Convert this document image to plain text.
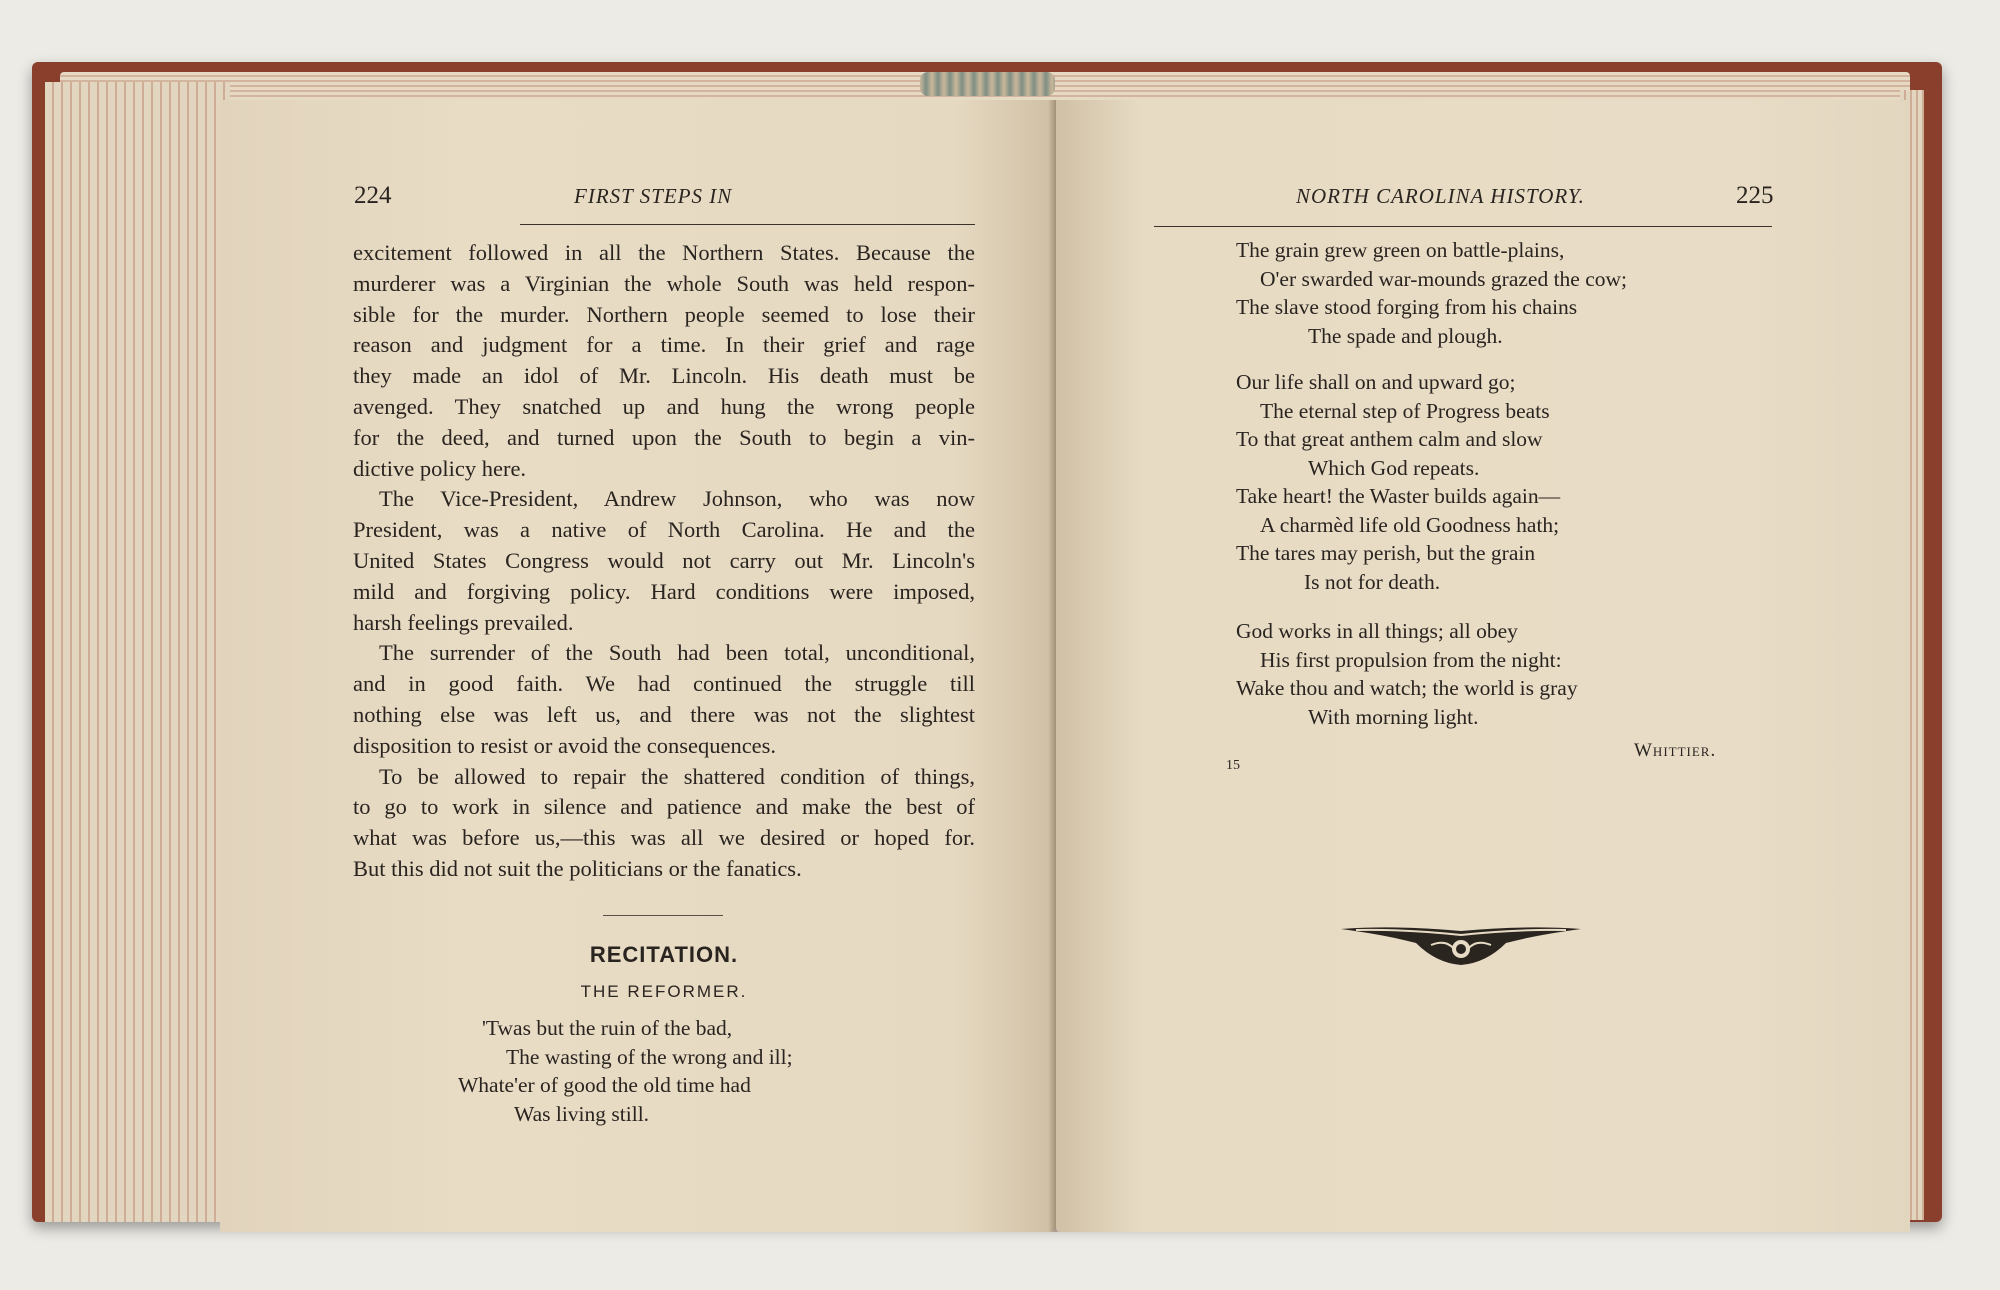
224	FIRST STEPS IN
excitement followed in all the Northern States. Because the
murderer was a Virginian the whole South was held respon-
sible for the murder. Northern people seemed to lose their
reason and judgment for a time. In their grief and rage
they made an idol of Mr. Lincoln. His death must be
avenged. They snatched up and hung the wrong people
for the deed, and turned upon the South to begin a vin-
dictive policy here.
The Vice-President, Andrew Johnson, who was now
President, was a native of North Carolina. He and the
United States Congress would not carry out Mr. Lincoln's
mild and forgiving policy. Hard conditions were imposed,
harsh feelings prevailed.
The surrender of the South had been total, unconditional,
and in good faith. We had continued the struggle till
nothing else was left us, and there was not the slightest
disposition to resist or avoid the consequences.
To be allowed to repair the shattered condition of things,
to go to work in silence and patience and make the best of
what was before us,—this was all we desired or hoped for.
But this did not suit the politicians or the fanatics.
RECITATION.
THE REFORMER.
'Twas but the ruin of the bad,
The wasting of the wrong and ill;
Whate'er of good the old time had
Was living still.
NORTH CAROLINA HISTORY.	225
The grain grew green on battle-plains,
O'er swarded war-mounds grazed the cow;
The slave stood forging from his chains
The spade and plough.
Our life shall on and upward go;
The eternal step of Progress beats
To that great anthem calm and slow
Which God repeats.
Take heart! the Waster builds again—
A charmèd life old Goodness hath;
The tares may perish, but the grain
Is not for death.
God works in all things; all obey
His first propulsion from the night:
Wake thou and watch; the world is gray
With morning light.
Whittier.
15
